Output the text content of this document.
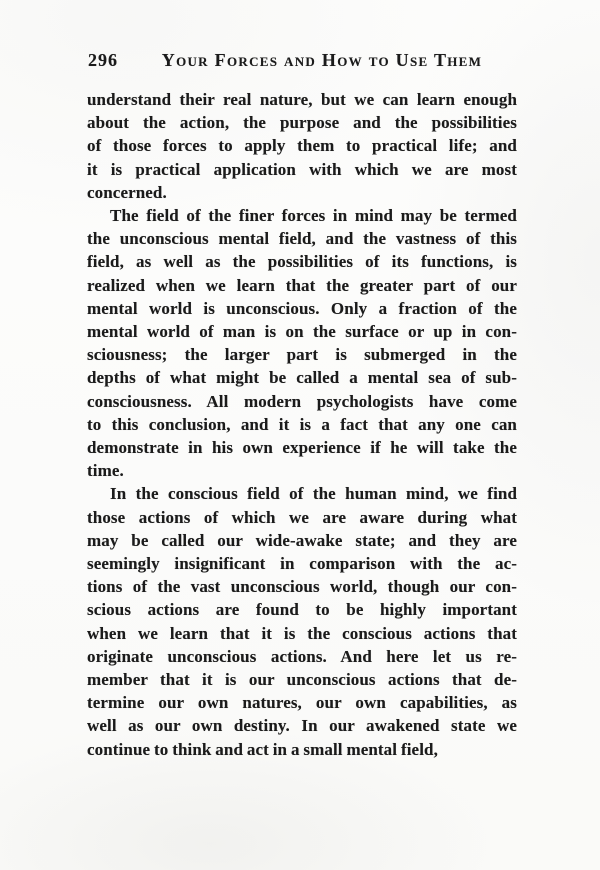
296	Your Forces and How to Use Them
understand their real nature, but we can learn enough
about the action, the purpose and the possibilities
of those forces to apply them to practical life; and
it is practical application with which we are most
concerned.
The field of the finer forces in mind may be termed
the unconscious mental field, and the vastness of this
field, as well as the possibilities of its functions, is
realized when we learn that the greater part of our
mental world is unconscious. Only a fraction of the
mental world of man is on the surface or up in con-
sciousness; the larger part is submerged in the
depths of what might be called a mental sea of sub-
consciousness. All modern psychologists have come
to this conclusion, and it is a fact that any one can
demonstrate in his own experience if he will take the
time.
In the conscious field of the human mind, we find
those actions of which we are aware during what
may be called our wide-awake state; and they are
seemingly insignificant in comparison with the ac-
tions of the vast unconscious world, though our con-
scious actions are found to be highly important
when we learn that it is the conscious actions that
originate unconscious actions. And here let us re-
member that it is our unconscious actions that de-
termine our own natures, our own capabilities, as
well as our own destiny. In our awakened state we
continue to think and act in a small mental field,
